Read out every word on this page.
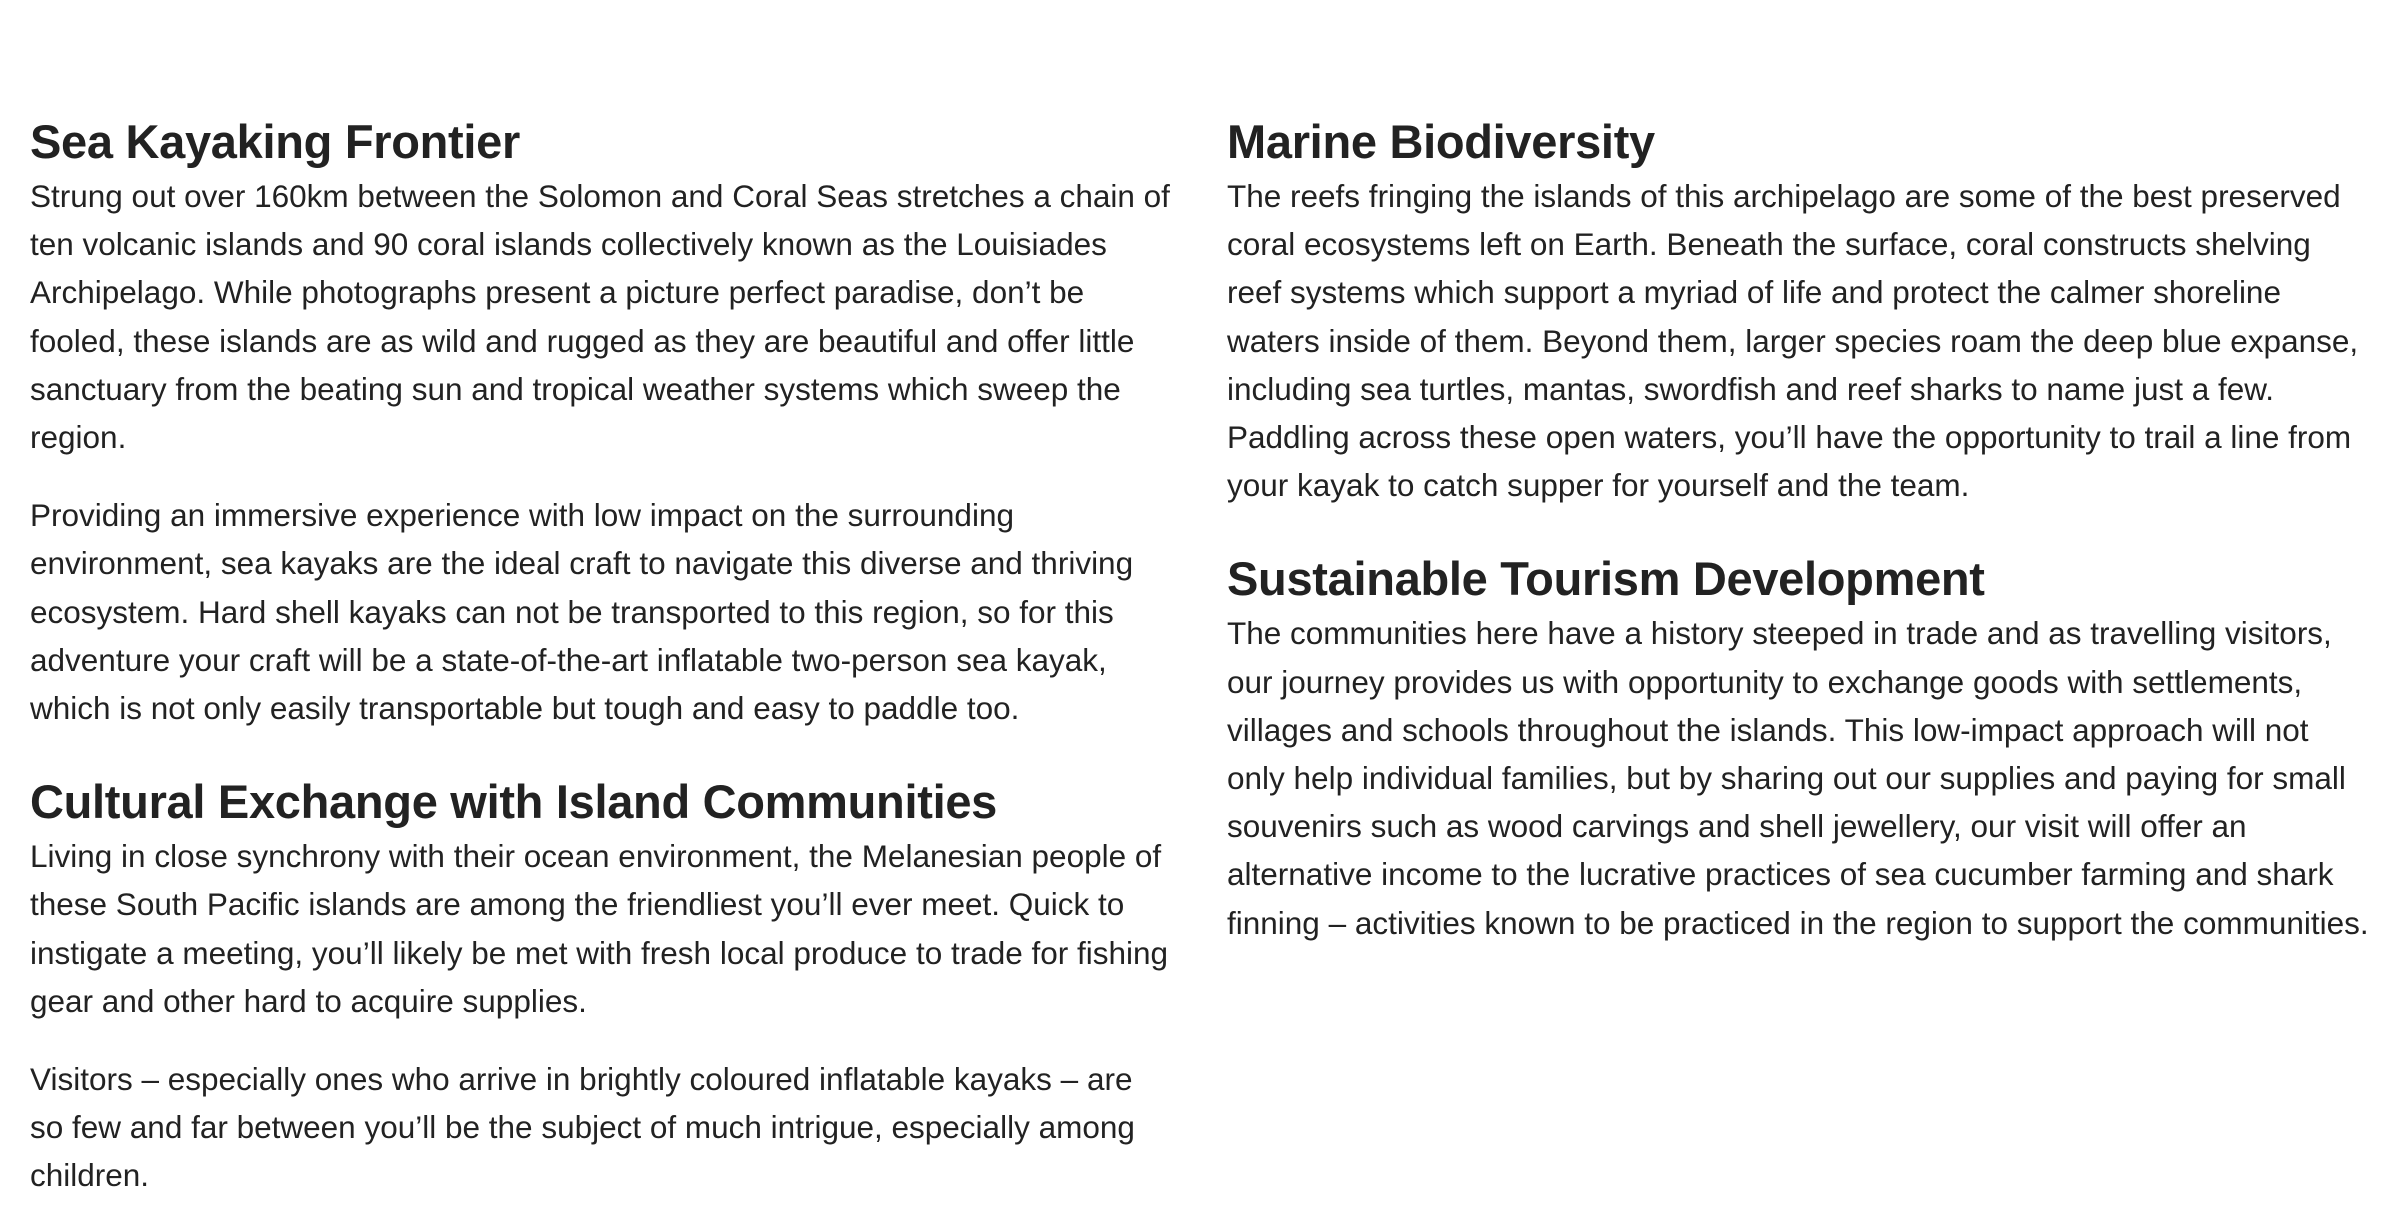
Sea Kayaking Frontier

Strung out over 160km between the Solomon and Coral Seas stretches a chain of ten volcanic islands and 90 coral islands collectively known as the Louisiades Archipelago. While photographs present a picture perfect paradise, don’t be fooled, these islands are as wild and rugged as they are beautiful and offer little sanctuary from the beating sun and tropical weather systems which sweep the region.

Providing an immersive experience with low impact on the surrounding environment, sea kayaks are the ideal craft to navigate this diverse and thriving ecosystem. Hard shell kayaks can not be transported to this region, so for this adventure your craft will be a state-of-the-art inflatable two-person sea kayak, which is not only easily transportable but tough and easy to paddle too.

Cultural Exchange with Island Communities

Living in close synchrony with their ocean environment, the Melanesian people of these South Pacific islands are among the friendliest you’ll ever meet. Quick to instigate a meeting, you’ll likely be met with fresh local produce to trade for fishing gear and other hard to acquire supplies.

Visitors – especially ones who arrive in brightly coloured inflatable kayaks – are so few and far between you’ll be the subject of much intrigue, especially among children.

Marine Biodiversity

The reefs fringing the islands of this archipelago are some of the best preserved coral ecosystems left on Earth. Beneath the surface, coral constructs shelving reef systems which support a myriad of life and protect the calmer shoreline waters inside of them. Beyond them, larger species roam the deep blue expanse, including sea turtles, mantas, swordfish and reef sharks to name just a few. Paddling across these open waters, you’ll have the opportunity to trail a line from your kayak to catch supper for yourself and the team.

Sustainable Tourism Development

The communities here have a history steeped in trade and as travelling visitors, our journey provides us with opportunity to exchange goods with settlements, villages and schools throughout the islands. This low-impact approach will not only help individual families, but by sharing out our supplies and paying for small souvenirs such as wood carvings and shell jewellery, our visit will offer an alternative income to the lucrative practices of sea cucumber farming and shark finning – activities known to be practiced in the region to support the communities.
